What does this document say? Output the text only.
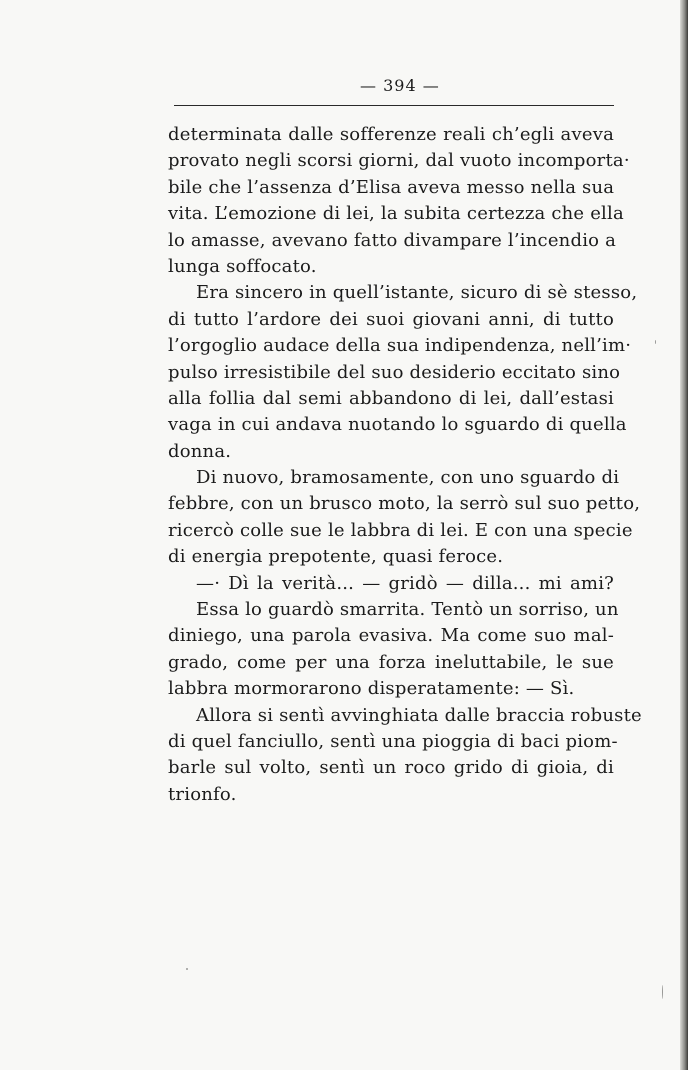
— 394 —
determinata dalle sofferenze reali ch’egli aveva
provato negli scorsi giorni, dal vuoto incomporta·
bile che l’assenza d’Elisa aveva messo nella sua
vita. L’emozione di lei, la subita certezza che ella
lo amasse, avevano fatto divampare l’incendio a
lunga soffocato.
Era sincero in quell’istante, sicuro di sè stesso,
di tutto l’ardore dei suoi giovani anni, di tutto
l’orgoglio audace della sua indipendenza, nell’im·
pulso irresistibile del suo desiderio eccitato sino
alla follia dal semi abbandono di lei, dall’estasi
vaga in cui andava nuotando lo sguardo di quella
donna.
Di nuovo, bramosamente, con uno sguardo di
febbre, con un brusco moto, la serrò sul suo petto,
ricercò colle sue le labbra di lei. E con una specie
di energia prepotente, quasi feroce.
—· Dì la verità... — gridò — dilla... mi ami?
Essa lo guardò smarrita. Tentò un sorriso, un
diniego, una parola evasiva. Ma come suo mal-
grado, come per una forza ineluttabile, le sue
labbra mormorarono disperatamente: — Sì.
Allora si sentì avvinghiata dalle braccia robuste
di quel fanciullo, sentì una pioggia di baci piom-
barle sul volto, sentì un roco grido di gioia, di
trionfo.
